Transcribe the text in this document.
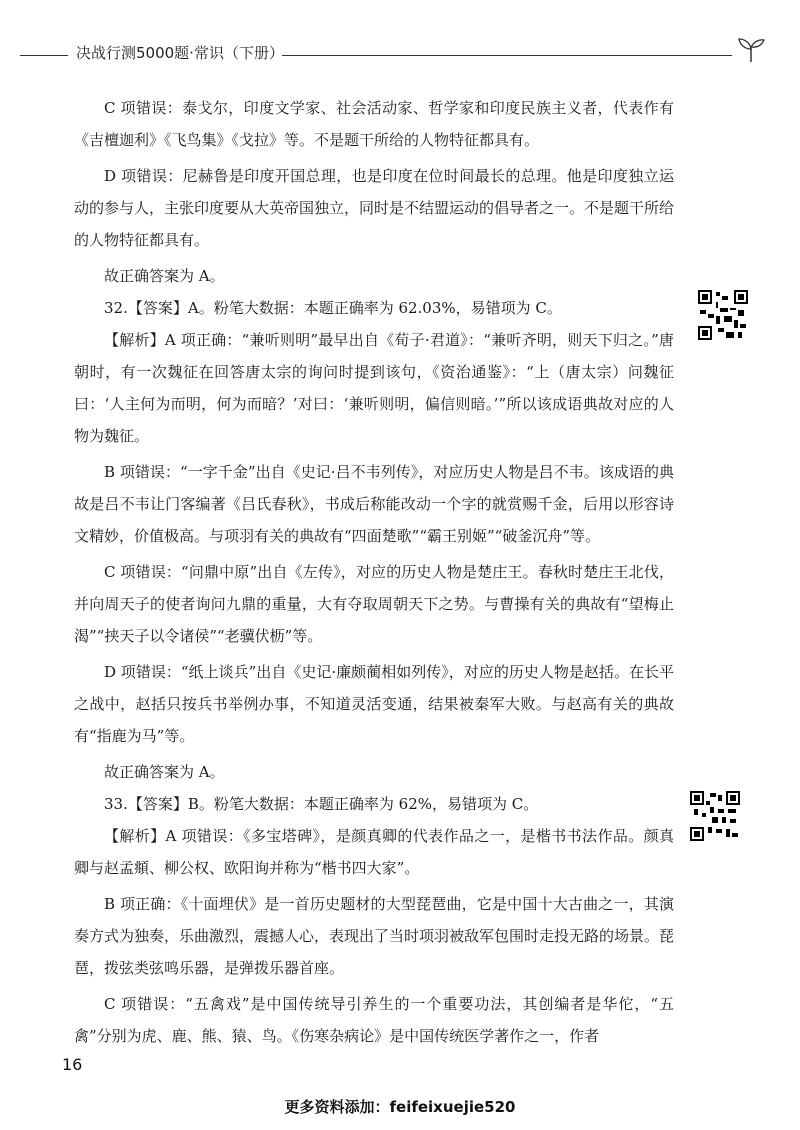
决战行测5000题·常识（下册）

C 项错误：泰戈尔，印度文学家、社会活动家、哲学家和印度民族主义者，代表作有《吉檀迦利》《飞鸟集》《戈拉》等。不是题干所给的人物特征都具有。

D 项错误：尼赫鲁是印度开国总理，也是印度在位时间最长的总理。他是印度独立运动的参与人，主张印度要从大英帝国独立，同时是不结盟运动的倡导者之一。不是题干所给的人物特征都具有。

故正确答案为 A。

32.【答案】A。粉笔大数据：本题正确率为 62.03%，易错项为 C。

【解析】A 项正确：“兼听则明”最早出自《荀子·君道》：“兼听齐明，则天下归之。”唐朝时，有一次魏征在回答唐太宗的询问时提到该句，《资治通鉴》：“上（唐太宗）问魏征曰：‘人主何为而明，何为而暗？’对曰：‘兼听则明，偏信则暗。’”所以该成语典故对应的人物为魏征。

B 项错误：“一字千金”出自《史记·吕不韦列传》，对应历史人物是吕不韦。该成语的典故是吕不韦让门客编著《吕氏春秋》，书成后称能改动一个字的就赏赐千金，后用以形容诗文精妙，价值极高。与项羽有关的典故有“四面楚歌”“霸王别姬”“破釜沉舟”等。

C 项错误：“问鼎中原”出自《左传》，对应的历史人物是楚庄王。春秋时楚庄王北伐，并向周天子的使者询问九鼎的重量，大有夺取周朝天下之势。与曹操有关的典故有“望梅止渴”“挟天子以令诸侯”“老骥伏枥”等。

D 项错误：“纸上谈兵”出自《史记·廉颇蔺相如列传》，对应的历史人物是赵括。在长平之战中，赵括只按兵书举例办事，不知道灵活变通，结果被秦军大败。与赵高有关的典故有“指鹿为马”等。

故正确答案为 A。

33.【答案】B。粉笔大数据：本题正确率为 62%，易错项为 C。

【解析】A 项错误：《多宝塔碑》，是颜真卿的代表作品之一，是楷书书法作品。颜真卿与赵孟頫、柳公权、欧阳询并称为“楷书四大家”。

B 项正确：《十面埋伏》是一首历史题材的大型琵琶曲，它是中国十大古曲之一，其演奏方式为独奏，乐曲激烈，震撼人心，表现出了当时项羽被敌军包围时走投无路的场景。琵琶，拨弦类弦鸣乐器，是弹拨乐器首座。

C 项错误：“五禽戏”是中国传统导引养生的一个重要功法，其创编者是华佗，“五禽”分别为虎、鹿、熊、猿、鸟。《伤寒杂病论》是中国传统医学著作之一，作者

16
更多资料添加：feifeixuejie520
